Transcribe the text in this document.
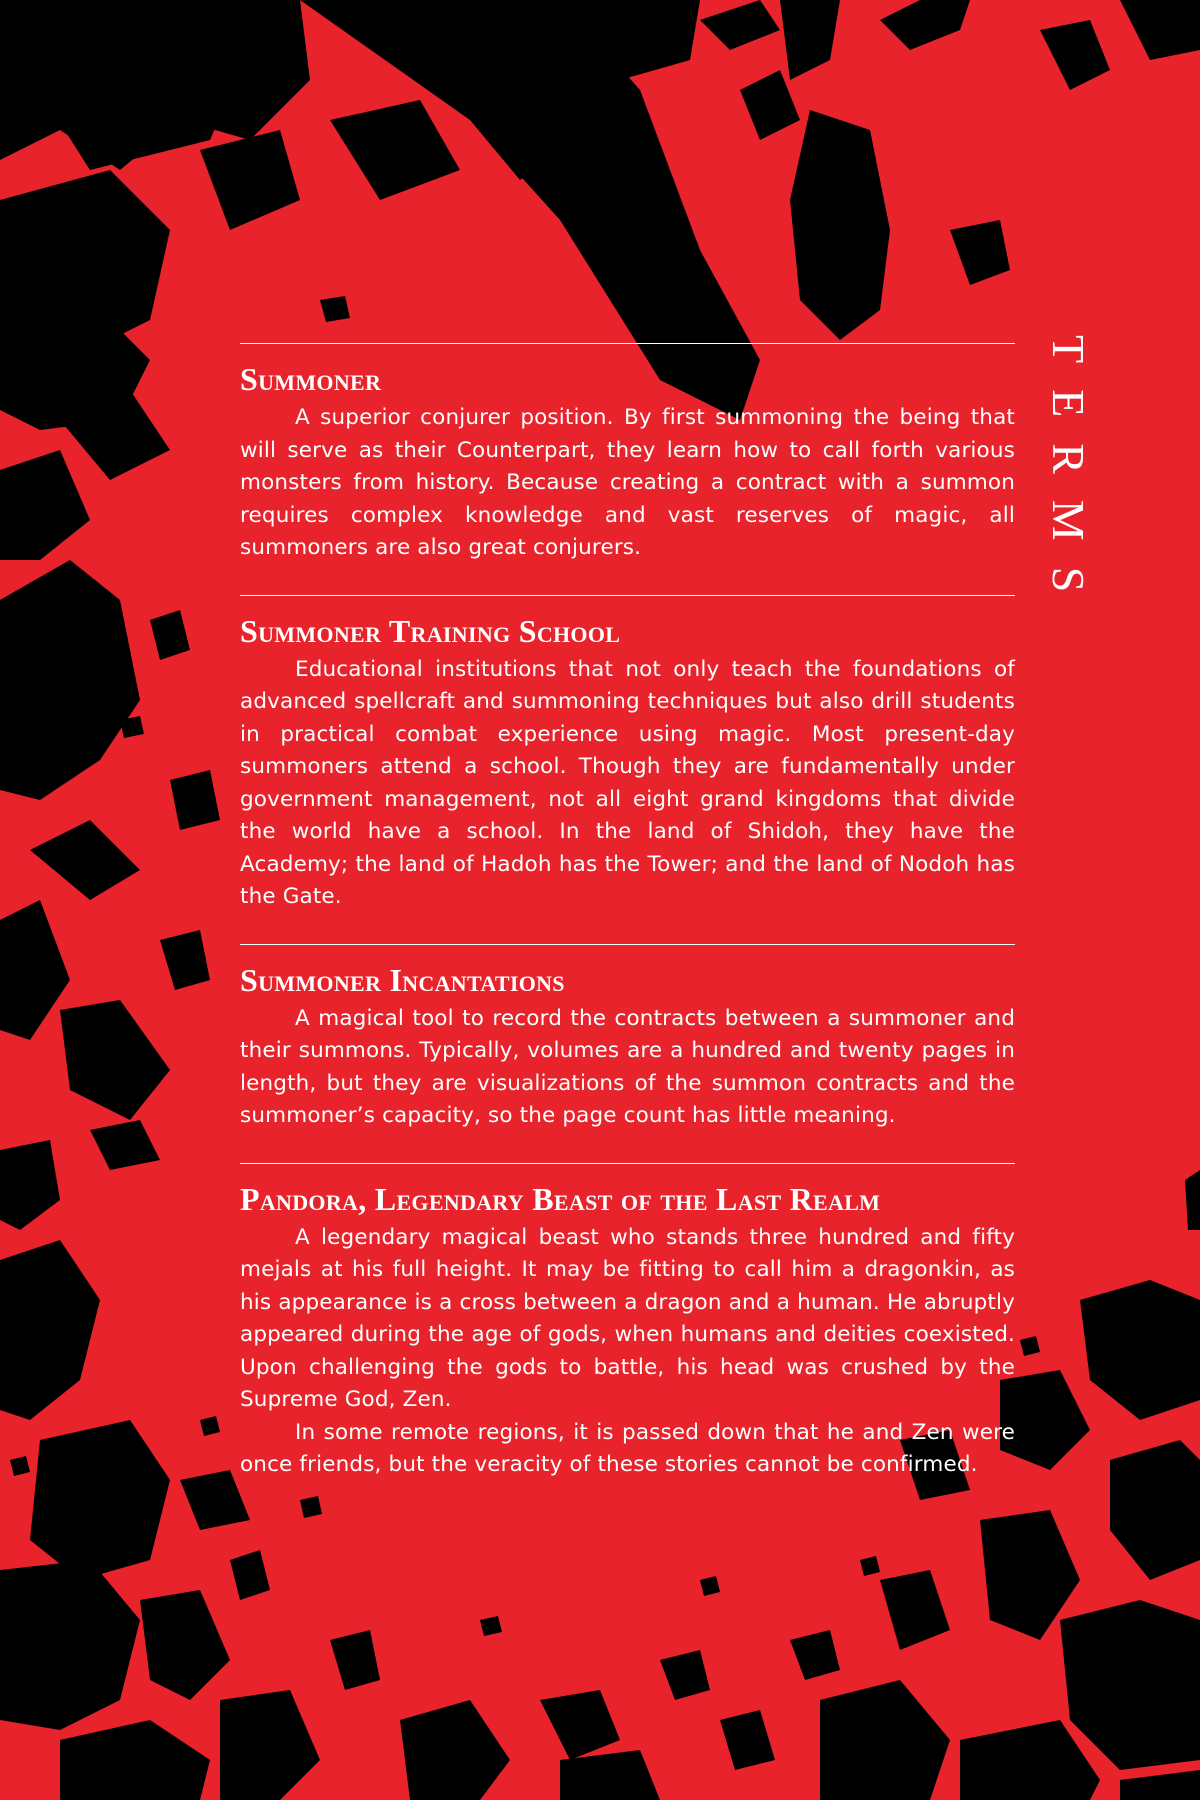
TERMS
Summoner

A superior conjurer position. By first summoning the being that will serve as their Counterpart, they learn how to call forth various monsters from history. Because creating a contract with a summon requires complex knowledge and vast reserves of magic, all summoners are also great conjurers.

Summoner Training School

Educational institutions that not only teach the foundations of advanced spellcraft and summoning techniques but also drill students in practical combat experience using magic. Most present-day summoners attend a school. Though they are fundamentally under government management, not all eight grand kingdoms that divide the world have a school. In the land of Shidoh, they have the Academy; the land of Hadoh has the Tower; and the land of Nodoh has the Gate.

Summoner Incantations

A magical tool to record the contracts between a summoner and their summons. Typically, volumes are a hundred and twenty pages in length, but they are visualizations of the summon contracts and the summoner’s capacity, so the page count has little meaning.

Pandora, Legendary Beast of the Last Realm

A legendary magical beast who stands three hundred and fifty mejals at his full height. It may be fitting to call him a dragonkin, as his appearance is a cross between a dragon and a human. He abruptly appeared during the age of gods, when humans and deities coexisted. Upon challenging the gods to battle, his head was crushed by the Supreme God, Zen.

In some remote regions, it is passed down that he and Zen were once friends, but the veracity of these stories cannot be confirmed.
